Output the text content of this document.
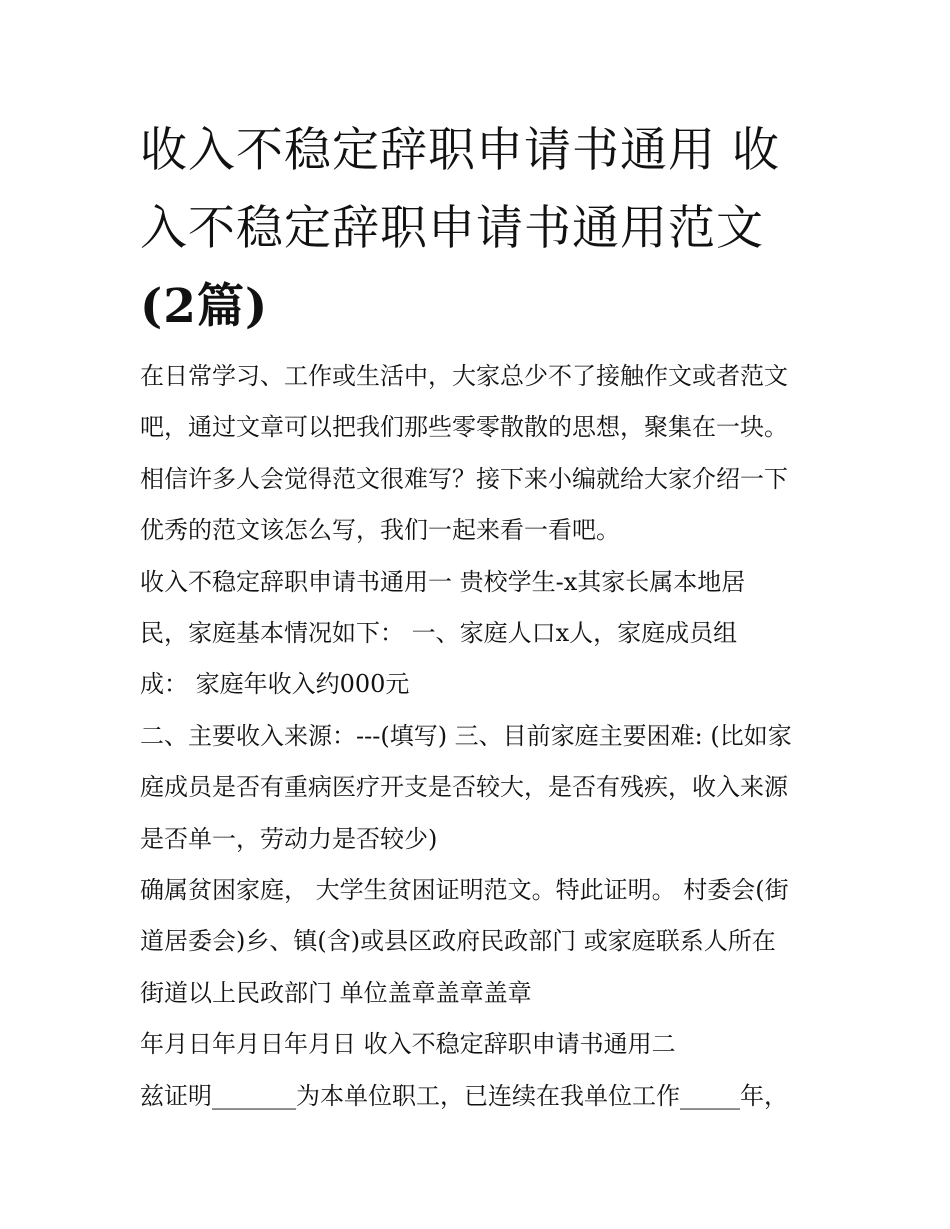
收入不稳定辞职申请书通用 收
入不稳定辞职申请书通用范文
(2篇)
在日常学习、工作或生活中，大家总少不了接触作文或者范文
吧，通过文章可以把我们那些零零散散的思想，聚集在一块。
相信许多人会觉得范文很难写？接下来小编就给大家介绍一下
优秀的范文该怎么写，我们一起来看一看吧。
收入不稳定辞职申请书通用一 贵校学生-x其家长属本地居
民，家庭基本情况如下： 一、家庭人口x人，家庭成员组
成： 家庭年收入约000元
二、主要收入来源：---(填写) 三、目前家庭主要困难: (比如家
庭成员是否有重病医疗开支是否较大，是否有残疾，收入来源
是否单一，劳动力是否较少)
确属贫困家庭， 大学生贫困证明范文。特此证明。 村委会(街
道居委会)乡、镇(含)或县区政府民政部门 或家庭联系人所在
街道以上民政部门 单位盖章盖章盖章
年月日年月日年月日 收入不稳定辞职申请书通用二
兹证明_______为本单位职工，已连续在我单位工作_____年，
